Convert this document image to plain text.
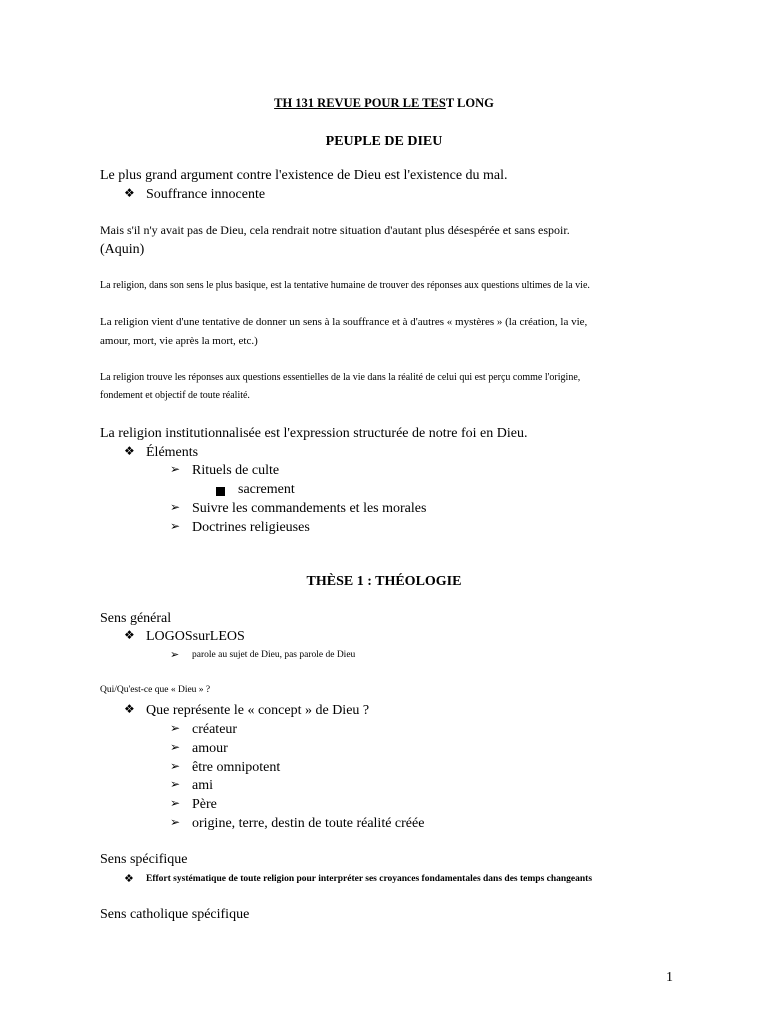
TH 131 REVUE POUR LE TEST LONG
PEUPLE DE DIEU
Le plus grand argument contre l'existence de Dieu est l'existence du mal.
❖ Souffrance innocente
Mais s'il n'y avait pas de Dieu, cela rendrait notre situation d'autant plus désespérée et sans espoir.
(Aquin)
La religion, dans son sens le plus basique, est la tentative humaine de trouver des réponses aux questions ultimes de la vie.
La religion vient d'une tentative de donner un sens à la souffrance et à d'autres « mystères » (la création, la vie,
amour, mort, vie après la mort, etc.)
La religion trouve les réponses aux questions essentielles de la vie dans la réalité de celui qui est perçu comme l'origine,
fondement et objectif de toute réalité.
La religion institutionnalisée est l'expression structurée de notre foi en Dieu.
❖ Éléments
➢ Rituels de culte
sacrement
➢ Suivre les commandements et les morales
➢ Doctrines religieuses
THÈSE 1 : THÉOLOGIE
Sens général
❖ LOGOSsurLEOS
➢ parole au sujet de Dieu, pas parole de Dieu
Qui/Qu'est-ce que « Dieu » ?
❖ Que représente le « concept » de Dieu ?
➢ créateur
➢ amour
➢ être omnipotent
➢ ami
➢ Père
➢ origine, terre, destin de toute réalité créée
Sens spécifique
❖ Effort systématique de toute religion pour interpréter ses croyances fondamentales dans des temps changeants
Sens catholique spécifique
1
